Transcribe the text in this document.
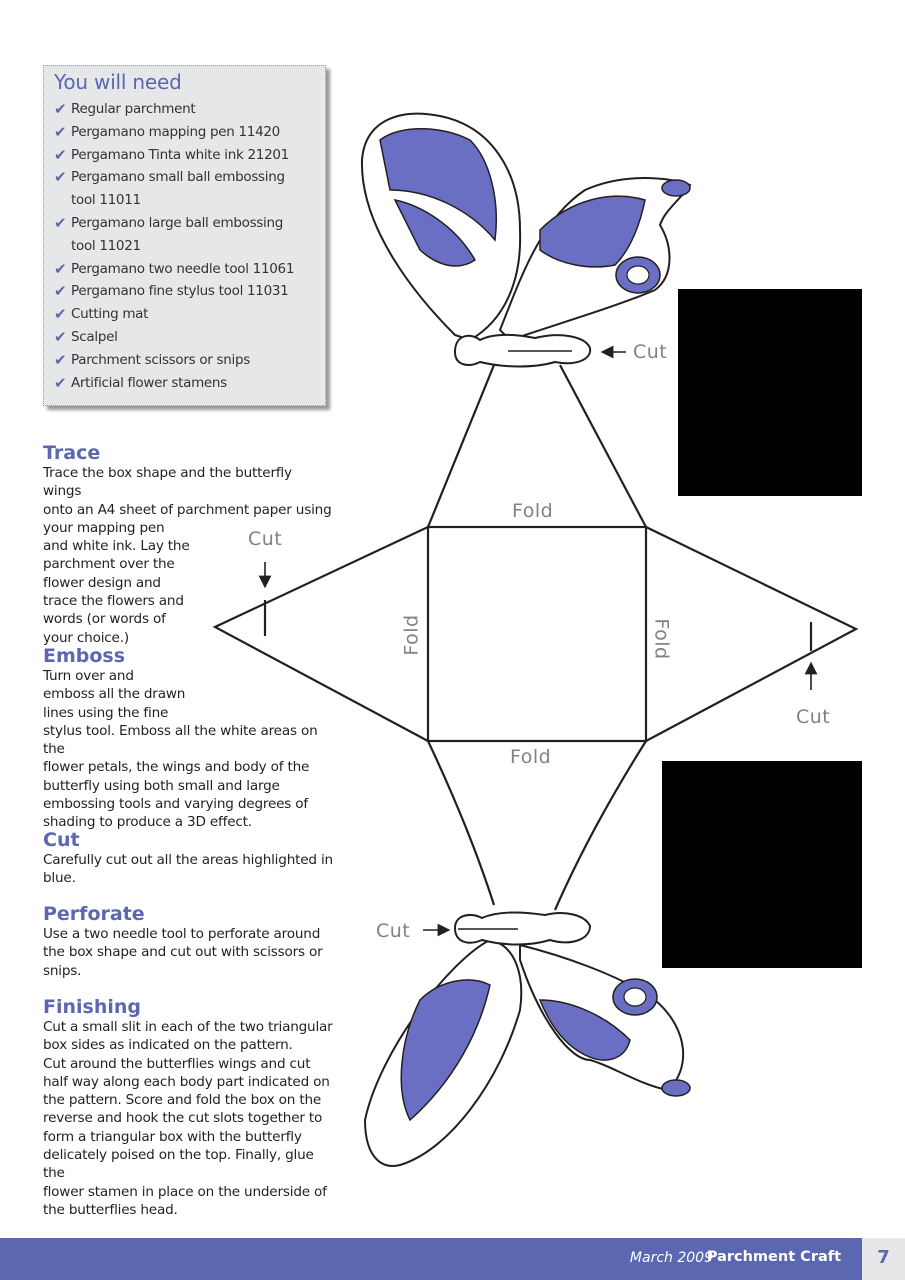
You will need
✔ Regular parchment
✔ Pergamano mapping pen 11420
✔ Pergamano Tinta white ink 21201
✔ Pergamano small ball embossing
tool 11011
✔ Pergamano large ball embossing
tool 11021
✔ Pergamano two needle tool 11061
✔ Pergamano fine stylus tool 11031
✔ Cutting mat
✔ Scalpel
✔ Parchment scissors or snips
✔ Artificial flower stamens
Trace
Trace the box shape and the butterfly wings
onto an A4 sheet of parchment paper using
your mapping pen
and white ink. Lay the
parchment over the
flower design and
trace the flowers and
words (or words of
your choice.)
Emboss
Turn over and
emboss all the drawn
lines using the fine
stylus tool. Emboss all the white areas on the
flower petals, the wings and body of the
butterfly using both small and large
embossing tools and varying degrees of
shading to produce a 3D effect.
Cut
Carefully cut out all the areas highlighted in
blue.
Perforate
Use a two needle tool to perforate around
the box shape and cut out with scissors or
snips.
Finishing
Cut a small slit in each of the two triangular
box sides as indicated on the pattern.
Cut around the butterflies wings and cut
half way along each body part indicated on
the pattern. Score and fold the box on the
reverse and hook the cut slots together to
form a triangular box with the butterfly
delicately poised on the top. Finally, glue the
flower stamen in place on the underside of
the butterflies head.
Cut
Cut
Cut
Cut
Fold
Fold
Fold	Fold
March 2009
Parchment Craft	7
